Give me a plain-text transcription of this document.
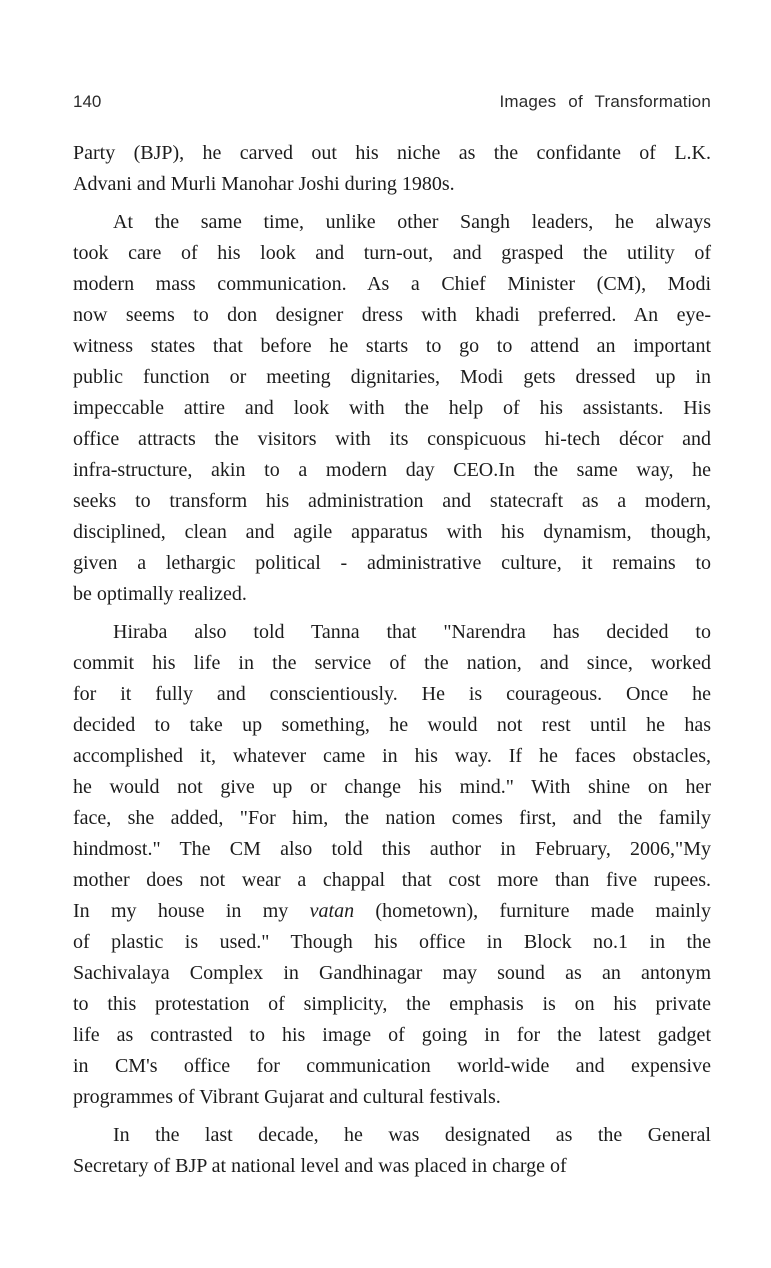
140	Images of Transformation
Party (BJP), he carved out his niche as the confidante of L.K.
Advani and Murli Manohar Joshi during 1980s.
At the same time, unlike other Sangh leaders, he always
took care of his look and turn-out, and grasped the utility of
modern mass communication. As a Chief Minister (CM), Modi
now seems to don designer dress with khadi preferred. An eye-
witness states that before he starts to go to attend an important
public function or meeting dignitaries, Modi gets dressed up in
impeccable attire and look with the help of his assistants. His
office attracts the visitors with its conspicuous hi-tech décor and
infra-structure, akin to a modern day CEO.In the same way, he
seeks to transform his administration and statecraft as a modern,
disciplined, clean and agile apparatus with his dynamism, though,
given a lethargic political - administrative culture, it remains to
be optimally realized.
Hiraba also told Tanna that "Narendra has decided to
commit his life in the service of the nation, and since, worked
for it fully and conscientiously. He is courageous. Once he
decided to take up something, he would not rest until he has
accomplished it, whatever came in his way. If he faces obstacles,
he would not give up or change his mind." With shine on her
face, she added, "For him, the nation comes first, and the family
hindmost." The CM also told this author in February, 2006,"My
mother does not wear a chappal that cost more than five rupees.
In my house in my vatan (hometown), furniture made mainly
of plastic is used." Though his office in Block no.1 in the
Sachivalaya Complex in Gandhinagar may sound as an antonym
to this protestation of simplicity, the emphasis is on his private
life as contrasted to his image of going in for the latest gadget
in CM's office for communication world-wide and expensive
programmes of Vibrant Gujarat and cultural festivals.
In the last decade, he was designated as the General
Secretary of BJP at national level and was placed in charge of
